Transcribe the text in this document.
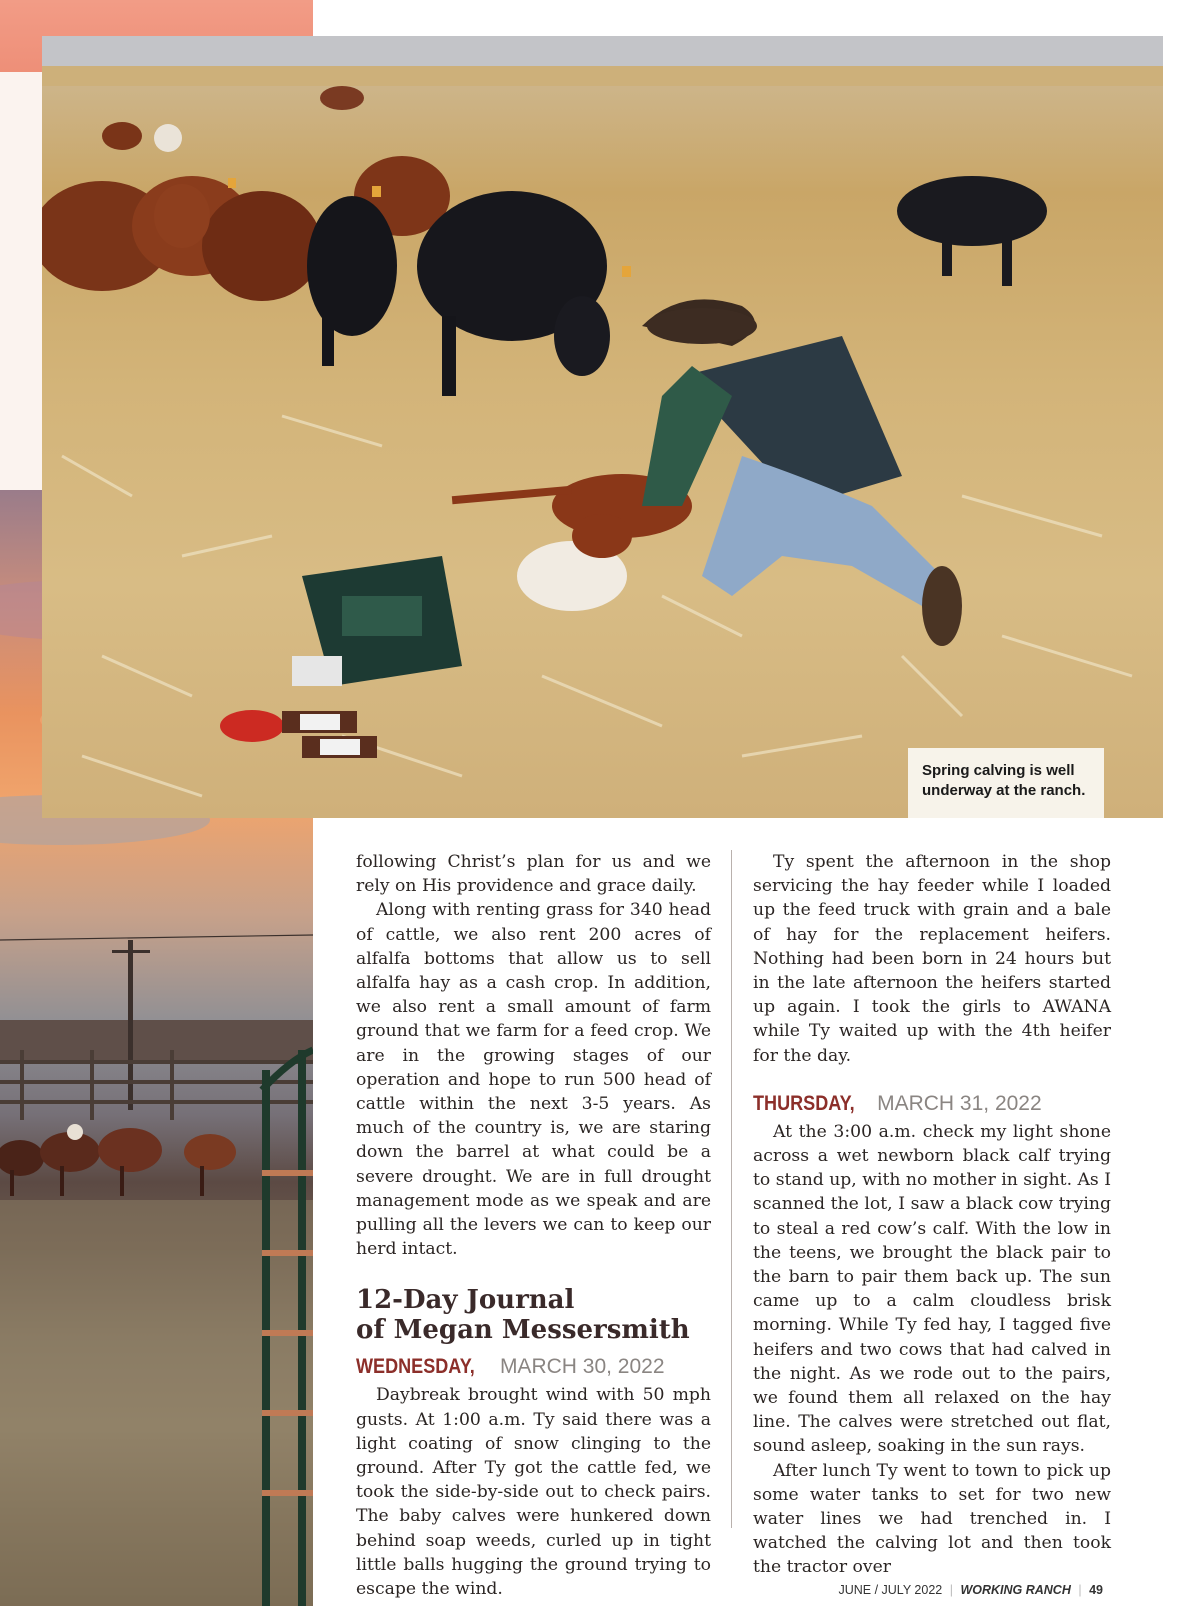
Spring calving is well
underway at the ranch.

following Christ’s plan for us and we rely on His providence and grace daily.

Along with renting grass for 340 head of cattle, we also rent 200 acres of alfalfa bottoms that allow us to sell alfalfa hay as a cash crop. In addition, we also rent a small amount of farm ground that we farm for a feed crop. We are in the growing stages of our operation and hope to run 500 head of cattle within the next 3-5 years. As much of the country is, we are staring down the barrel at what could be a severe drought. We are in full drought management mode as we speak and are pulling all the levers we can to keep our herd intact.

12-Day Journal
of Megan Messersmith
WEDNESDAY, MARCH 30, 2022

Daybreak brought wind with 50 mph gusts. At 1:00 a.m. Ty said there was a light coating of snow clinging to the ground. After Ty got the cattle fed, we took the side-by-side out to check pairs. The baby calves were hunkered down behind soap weeds, curled up in tight little balls hugging the ground trying to escape the wind.

Ty spent the afternoon in the shop servicing the hay feeder while I loaded up the feed truck with grain and a bale of hay for the replacement heifers. Nothing had been born in 24 hours but in the late afternoon the heifers started up again. I took the girls to AWANA while Ty waited up with the 4th heifer for the day.

THURSDAY, MARCH 31, 2022

At the 3:00 a.m. check my light shone across a wet newborn black calf trying to stand up, with no mother in sight. As I scanned the lot, I saw a black cow trying to steal a red cow’s calf. With the low in the teens, we brought the black pair to the barn to pair them back up. The sun came up to a calm cloudless brisk morning. While Ty fed hay, I tagged five heifers and two cows that had calved in the night. As we rode out to the pairs, we found them all relaxed on the hay line. The calves were stretched out flat, sound asleep, soaking in the sun rays.

After lunch Ty went to town to pick up some water tanks to set for two new water lines we had trenched in. I watched the calving lot and then took the tractor over

JUNE / JULY 2022 | WORKING RANCH | 49
